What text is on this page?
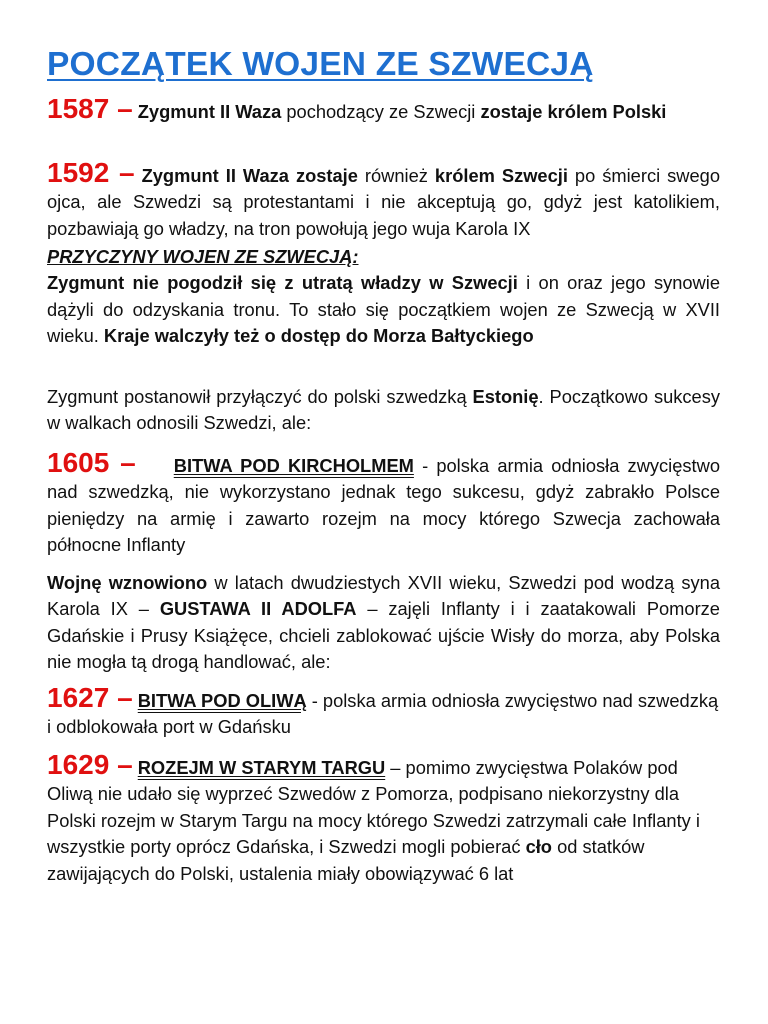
POCZĄTEK WOJEN ZE SZWECJĄ
1587 – Zygmunt II Waza pochodzący ze Szwecji zostaje królem Polski
1592 – Zygmunt II Waza zostaje również królem Szwecji po śmierci swego ojca, ale Szwedzi są protestantami i nie akceptują go, gdyż jest katolikiem, pozbawiają go władzy, na tron powołują jego wuja Karola IX
PRZYCZYNY WOJEN ZE SZWECJĄ:
Zygmunt nie pogodził się z utratą władzy w Szwecji i on oraz jego synowie dążyli do odzyskania tronu. To stało się początkiem wojen ze Szwecją w XVII wieku. Kraje walczyły też o dostęp do Morza Bałtyckiego
Zygmunt postanowił przyłączyć do polski szwedzką Estonię. Początkowo sukcesy w walkach odnosili Szwedzi, ale:
1605 – BITWA POD KIRCHOLMEM - polska armia odniosła zwycięstwo nad szwedzką, nie wykorzystano jednak tego sukcesu, gdyż zabrakło Polsce pieniędzy na armię i zawarto rozejm na mocy którego Szwecja zachowała północne Inflanty
Wojnę wznowiono w latach dwudziestych XVII wieku, Szwedzi pod wodzą syna Karola IX – GUSTAWA II ADOLFA – zajęli Inflanty i i zaatakowali Pomorze Gdańskie i Prusy Książęce, chcieli zablokować ujście Wisły do morza, aby Polska nie mogła tą drogą handlować, ale:
1627 – BITWA POD OLIWĄ - polska armia odniosła zwycięstwo nad szwedzką i odblokowała port w Gdańsku
1629 – ROZEJM W STARYM TARGU – pomimo zwycięstwa Polaków pod Oliwą nie udało się wyprzeć Szwedów z Pomorza, podpisano niekorzystny dla Polski rozejm w Starym Targu na mocy którego Szwedzi zatrzymali całe Inflanty i wszystkie porty oprócz Gdańska, i Szwedzi mogli pobierać cło od statków zawijających do Polski, ustalenia miały obowiązywać 6 lat
